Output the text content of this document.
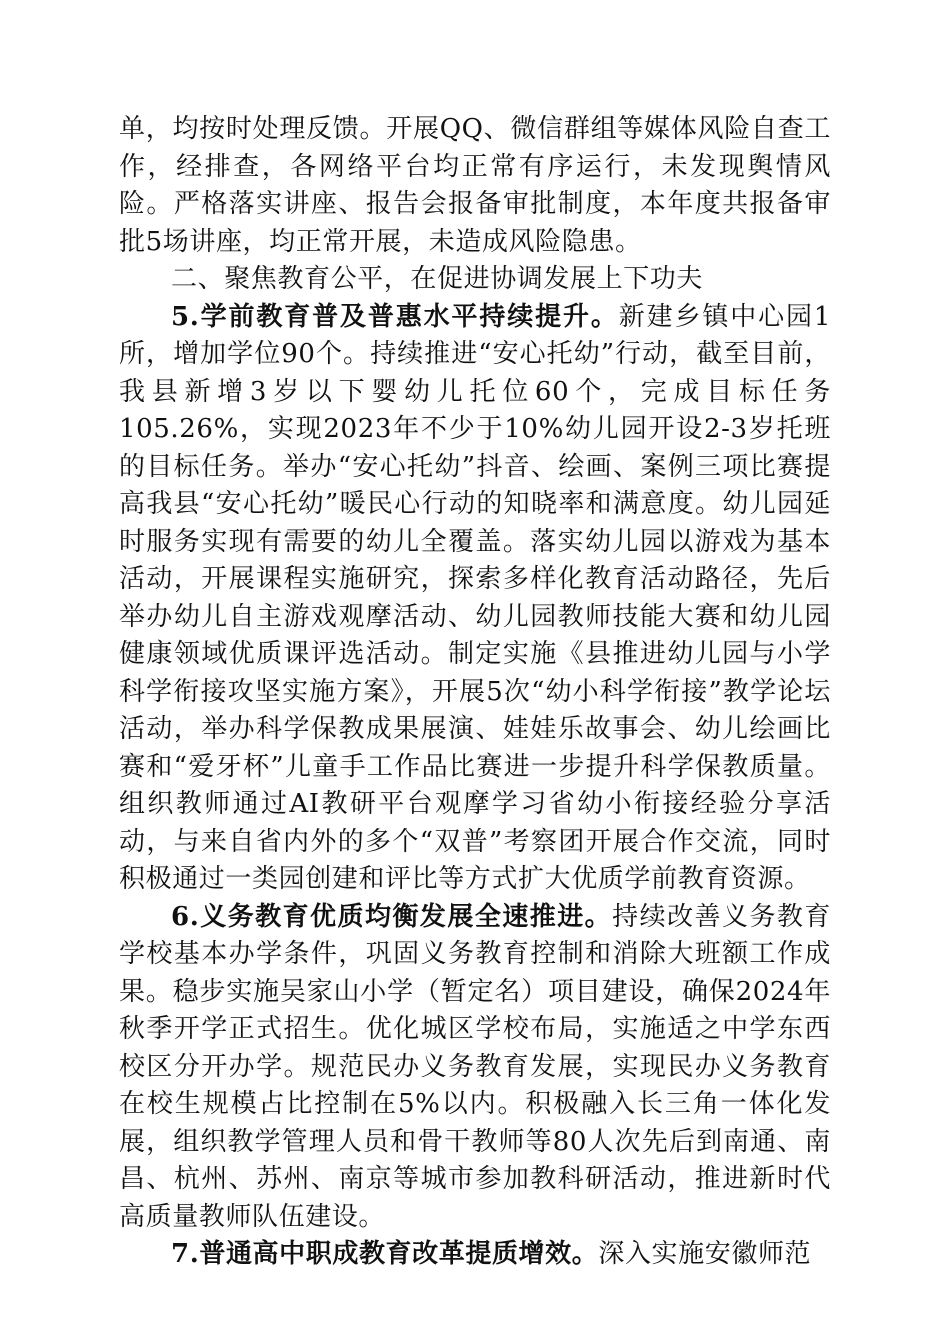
单，均按时处理反馈。开展QQ、微信群组等媒体风险自查工作，经排查，各网络平台均正常有序运行，未发现舆情风险。严格落实讲座、报告会报备审批制度，本年度共报备审批5场讲座，均正常开展，未造成风险隐患。

二、聚焦教育公平，在促进协调发展上下功夫

5.学前教育普及普惠水平持续提升。新建乡镇中心园1所，增加学位90个。持续推进“安心托幼”行动，截至目前，我县新增3岁以下婴幼儿托位60个，完成目标任务105.26%，实现2023年不少于10%幼儿园开设2-3岁托班的目标任务。举办“安心托幼”抖音、绘画、案例三项比赛提高我县“安心托幼”暖民心行动的知晓率和满意度。幼儿园延时服务实现有需要的幼儿全覆盖。落实幼儿园以游戏为基本活动，开展课程实施研究，探索多样化教育活动路径，先后举办幼儿自主游戏观摩活动、幼儿园教师技能大赛和幼儿园健康领域优质课评选活动。制定实施《县推进幼儿园与小学科学衔接攻坚实施方案》，开展5次“幼小科学衔接”教学论坛活动，举办科学保教成果展演、娃娃乐故事会、幼儿绘画比赛和“爱牙杯”儿童手工作品比赛进一步提升科学保教质量。组织教师通过AI教研平台观摩学习省幼小衔接经验分享活动，与来自省内外的多个“双普”考察团开展合作交流，同时积极通过一类园创建和评比等方式扩大优质学前教育资源。

6.义务教育优质均衡发展全速推进。持续改善义务教育学校基本办学条件，巩固义务教育控制和消除大班额工作成果。稳步实施吴家山小学（暂定名）项目建设，确保2024年秋季开学正式招生。优化城区学校布局，实施适之中学东西校区分开办学。规范民办义务教育发展，实现民办义务教育在校生规模占比控制在5%以内。积极融入长三角一体化发展，组织教学管理人员和骨干教师等80人次先后到南通、南昌、杭州、苏州、南京等城市参加教科研活动，推进新时代高质量教师队伍建设。

7.普通高中职成教育改革提质增效。深入实施安徽师范
